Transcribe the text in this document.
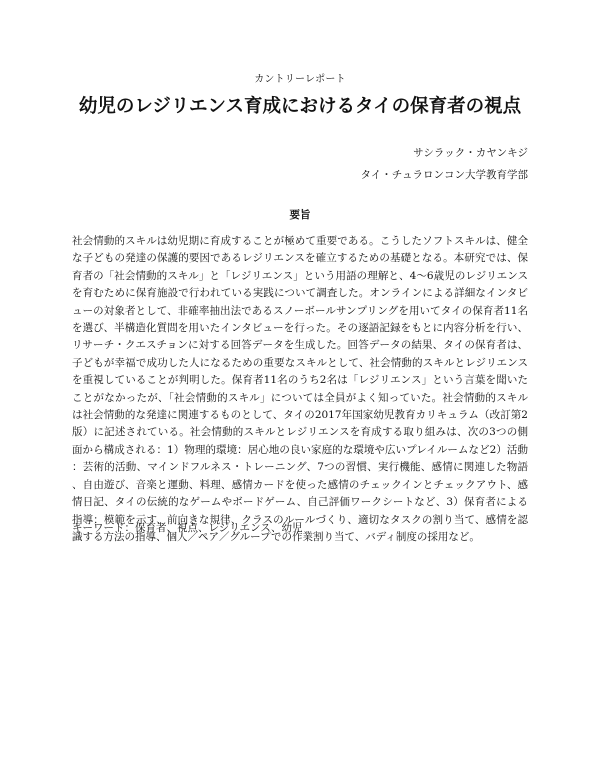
カントリーレポート
幼児のレジリエンス育成におけるタイの保育者の視点
サシラック・カヤンキジ
タイ・チュラロンコン大学教育学部
要旨
社会情動的スキルは幼児期に育成することが極めて重要である。こうしたソフトスキルは、健全な子どもの発達の保護的要因であるレジリエンスを確立するための基礎となる。本研究では、保育者の「社会情動的スキル」と「レジリエンス」という用語の理解と、4〜6歳児のレジリエンスを育むために保育施設で行われている実践について調査した。オンラインによる詳細なインタビューの対象者として、非確率抽出法であるスノーボールサンプリングを用いてタイの保育者11名を選び、半構造化質問を用いたインタビューを行った。その逐語記録をもとに内容分析を行い、リサーチ・クエスチョンに対する回答データを生成した。回答データの結果、タイの保育者は、子どもが幸福で成功した人になるための重要なスキルとして、社会情動的スキルとレジリエンスを重視していることが判明した。保育者11名のうち2名は「レジリエンス」という言葉を聞いたことがなかったが、「社会情動的スキル」については全員がよく知っていた。社会情動的スキルは社会情動的な発達に関連するものとして、タイの2017年国家幼児教育カリキュラム（改訂第2版）に記述されている。社会情動的スキルとレジリエンスを育成する取り組みは、次の3つの側面から構成される：1）物理的環境：居心地の良い家庭的な環境や広いプレイルームなど2）活動：芸術的活動、マインドフルネス・トレーニング、7つの習慣、実行機能、感情に関連した物語、自由遊び、音楽と運動、料理、感情カードを使った感情のチェックインとチェックアウト、感情日記、タイの伝統的なゲームやボードゲーム、自己評価ワークシートなど、3）保育者による指導：模範を示す、前向きな規律、クラスのルールづくり、適切なタスクの割り当て、感情を認識する方法の指導、個人／ペア／グループでの作業割り当て、バディ制度の採用など。
キーワード：保育者、視点、レジリエンス、幼児
